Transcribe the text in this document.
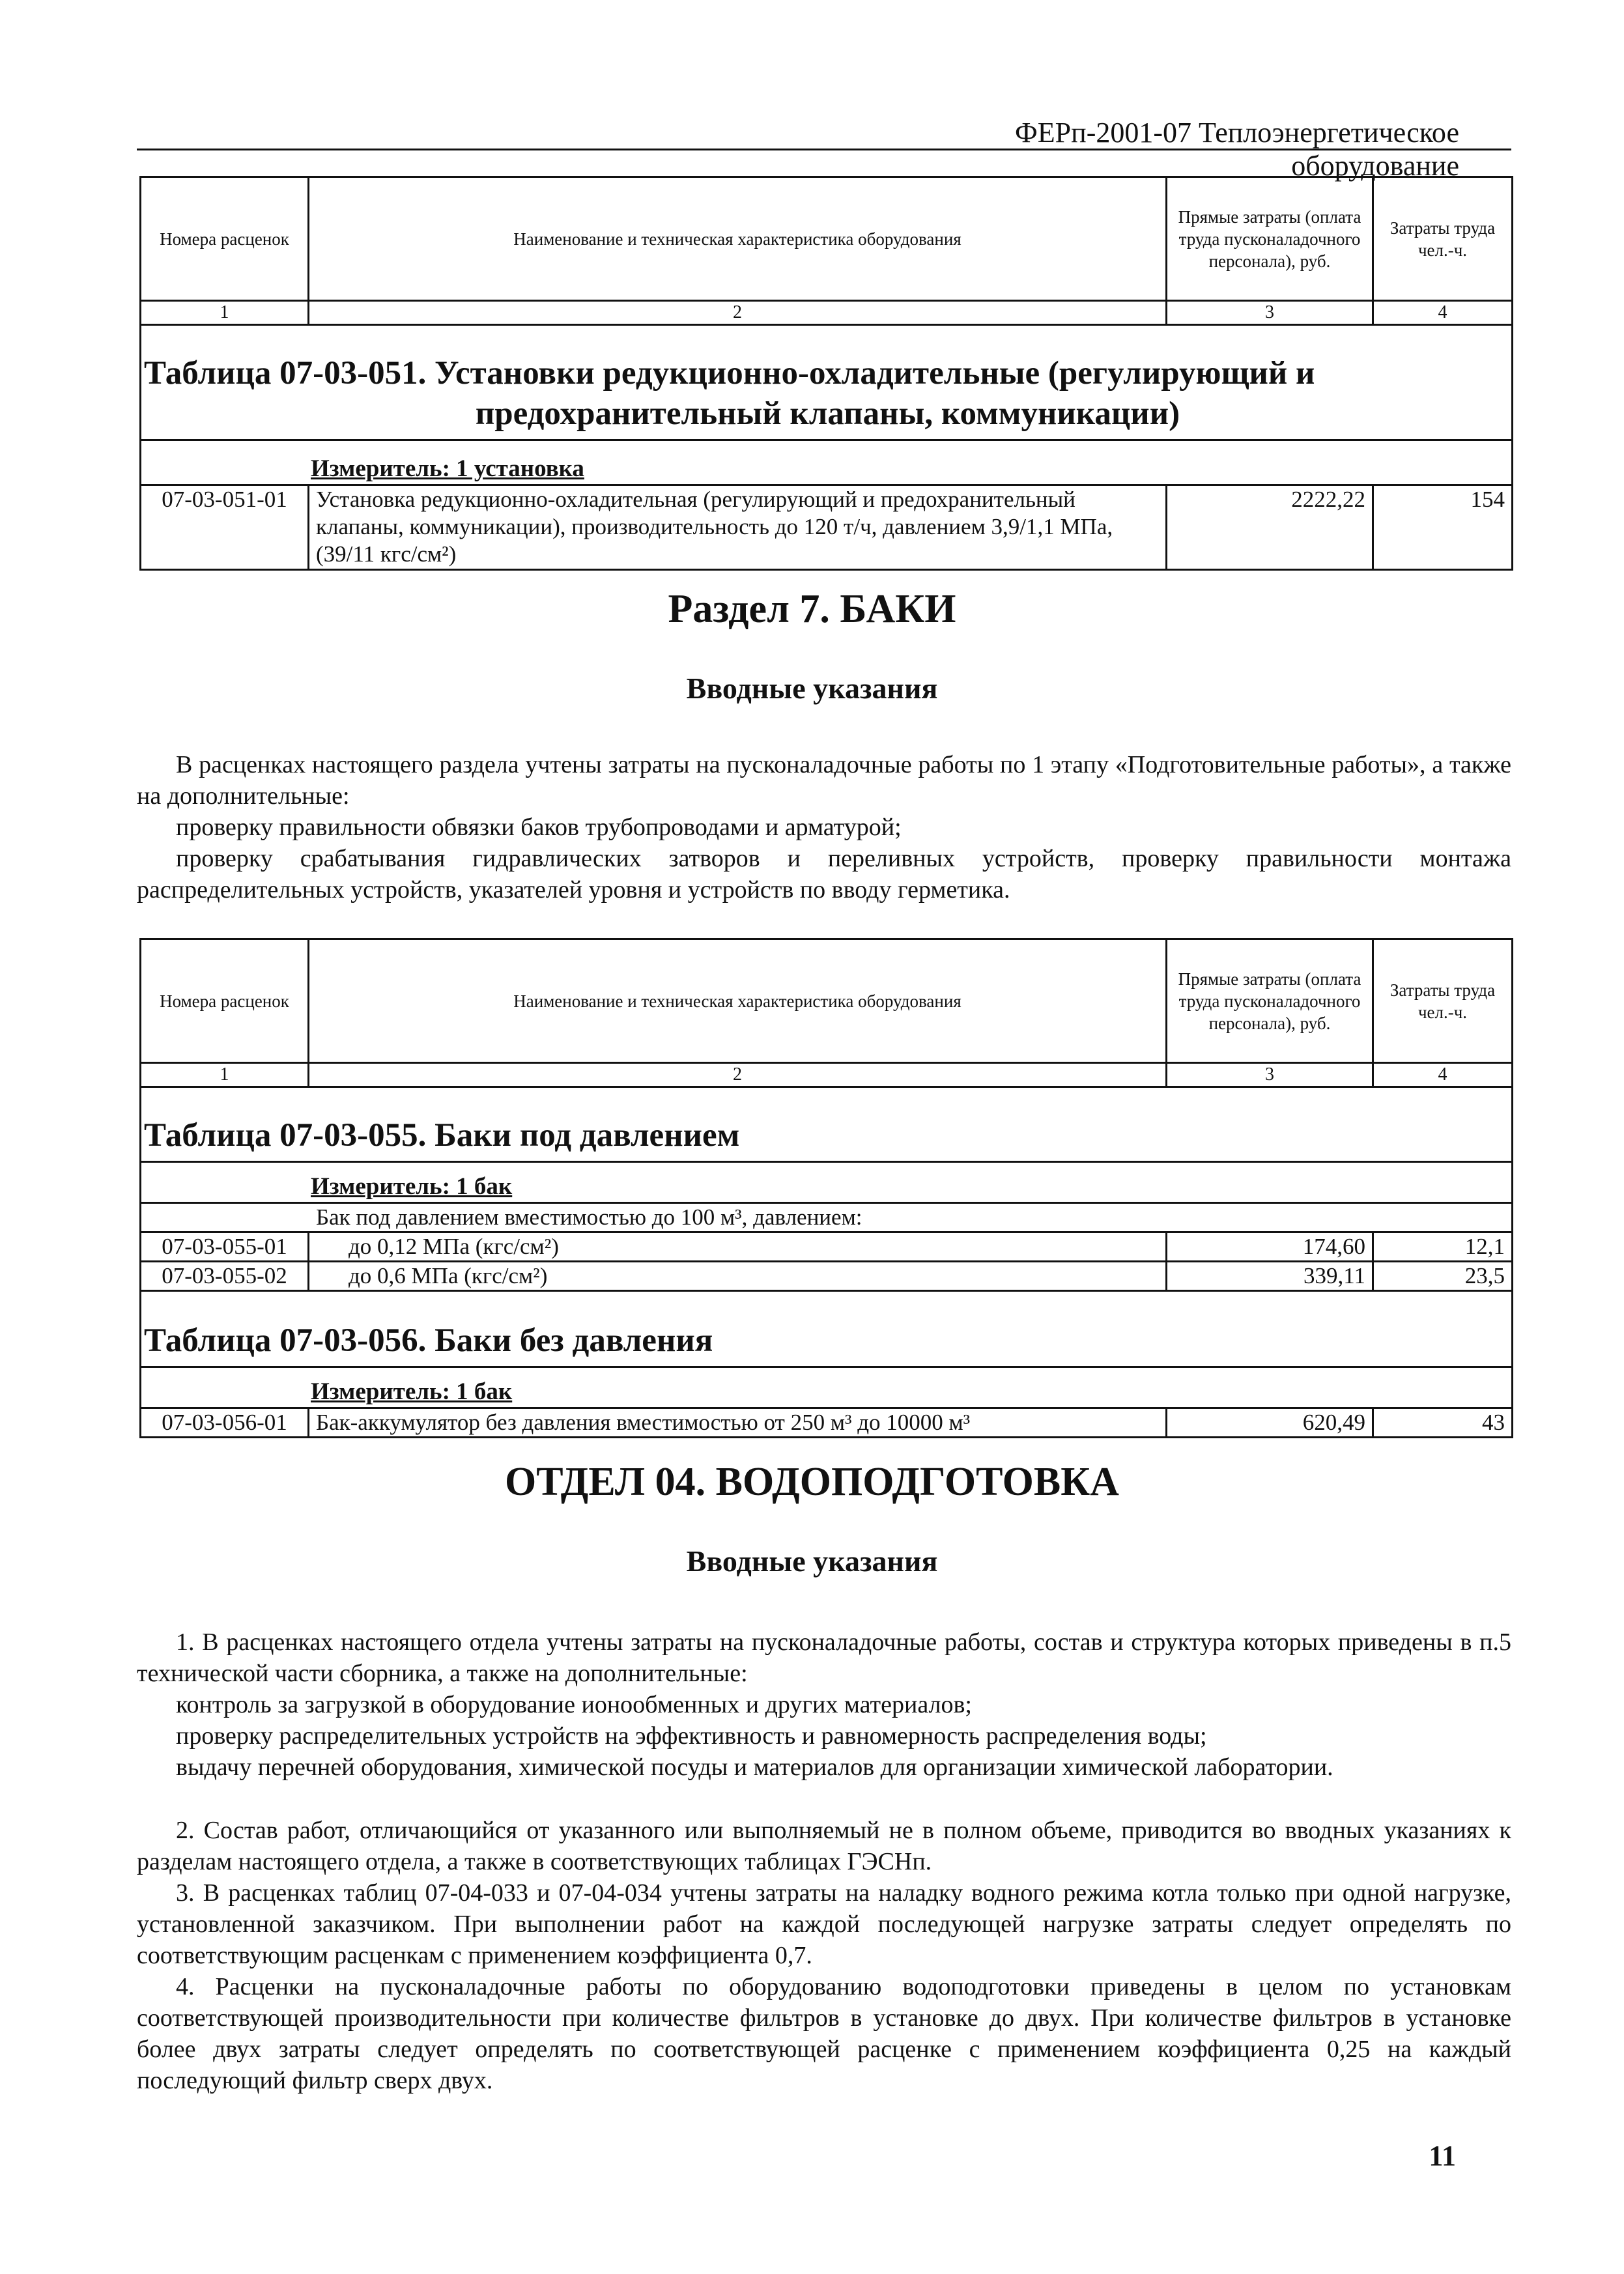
ФЕРп-2001-07 Теплоэнергетическое оборудование
Номера расценок	Наименование и техническая характеристика оборудования	Прямые затраты (оплата труда пусконаладочного персонала), руб.	Затраты труда чел.-ч.
1	2	3	4

Таблица 07-03-051. Установки редукционно-охладительные (регулирующий и
предохранительный клапаны, коммуникации)			

Измеритель: 1 установка			
07-03-051-01	Установка редукционно-охладительная (регулирующий и предохранительный клапаны, коммуникации), производительность до 120 т/ч, давлением 3,9/1,1 МПа, (39/11 кгс/см²)	2222,22	154
Раздел 7. БАКИ
Вводные указания

В расценках настоящего раздела учтены затраты на пусконаладочные работы по 1 этапу «Подготовительные работы», а также на дополнительные:

проверку правильности обвязки баков трубопроводами и арматурой;

проверку срабатывания гидравлических затворов и переливных устройств, проверку правильности монтажа распределительных устройств, указателей уровня и устройств по вводу герметика.

Номера расценок	Наименование и техническая характеристика оборудования	Прямые затраты (оплата труда пусконаладочного персонала), руб.	Затраты труда чел.-ч.
1	2	3	4
Таблица 07-03-055. Баки под давлением			
Измеритель: 1 бак			
Бак под давлением вместимостью до 100 м³, давлением:			
07-03-055-01	до 0,12 МПа (кгс/см²)	174,60	12,1
07-03-055-02	до 0,6 МПа (кгс/см²)	339,11	23,5
Таблица 07-03-056. Баки без давления			
Измеритель: 1 бак			
07-03-056-01	Бак-аккумулятор без давления вместимостью от 250 м³ до 10000 м³	620,49	43
ОТДЕЛ 04. ВОДОПОДГОТОВКА
Вводные указания

1. В расценках настоящего отдела учтены затраты на пусконаладочные работы, состав и структура которых приведены в п.5 технической части сборника, а также на дополнительные:

контроль за загрузкой в оборудование ионообменных и других материалов;

проверку распределительных устройств на эффективность и равномерность распределения воды;

выдачу перечней оборудования, химической посуды и материалов для организации химической лаборатории.

2. Состав работ, отличающийся от указанного или выполняемый не в полном объеме, приводится во вводных указаниях к разделам настоящего отдела, а также в соответствующих таблицах ГЭСНп.

3. В расценках таблиц 07-04-033 и 07-04-034 учтены затраты на наладку водного режима котла только при одной нагрузке, установленной заказчиком. При выполнении работ на каждой последующей нагрузке затраты следует определять по соответствующим расценкам с применением коэффициента 0,7.

4. Расценки на пусконаладочные работы по оборудованию водоподготовки приведены в целом по установкам соответствующей производительности при количестве фильтров в установке до двух. При количестве фильтров в установке более двух затраты следует определять по соответствующей расценке с применением коэффициента 0,25 на каждый последующий фильтр сверх двух.

11
